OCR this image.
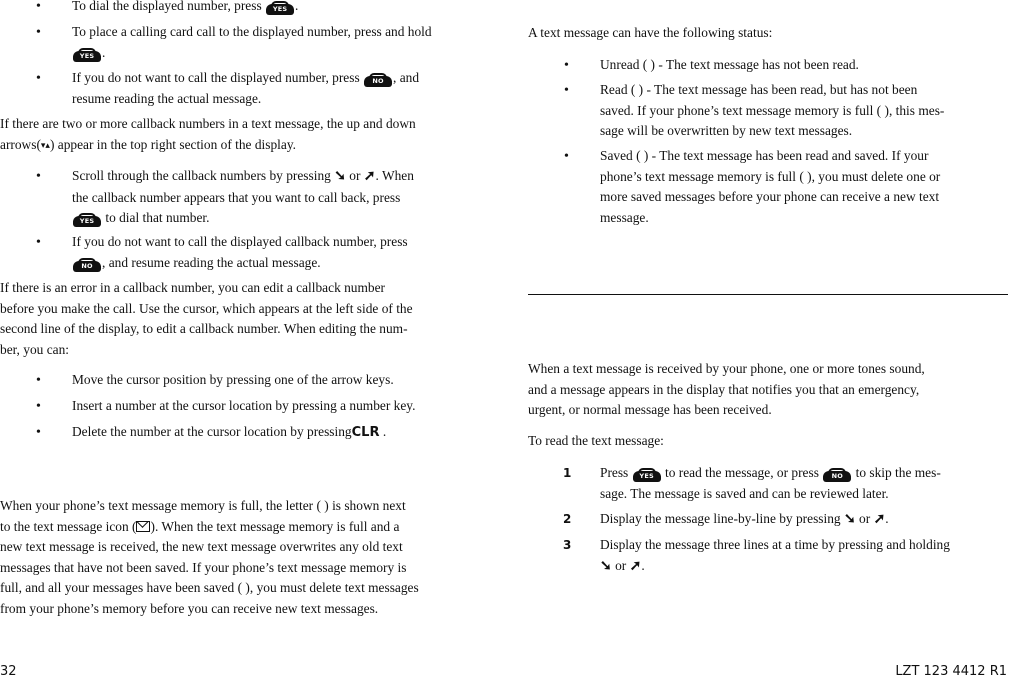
•
To dial the displayed number, press YES .
•
To place a calling card call to the displayed number, press and hold
YES .
•
If you do not want to call the displayed number, press NO , and
resume reading the actual message.
If there are two or more callback numbers in a text message, the up and down
arrows(▾▴) appear in the top right section of the display.
•
Scroll through the callback numbers by pressing ➘ or ➚. When
the callback number appears that you want to call back, press
YES to dial that number.
•
If you do not want to call the displayed callback number, press
NO , and resume reading the actual message.
If there is an error in a callback number, you can edit a callback number
before you make the call. Use the cursor, which appears at the left side of the
second line of the display, to edit a callback number. When editing the num-
ber, you can:
•
Move the cursor position by pressing one of the arrow keys.
•
Insert a number at the cursor location by pressing a number key.
•
Delete the number at the cursor location by pressingCLR .
When your phone’s text message memory is full, the letter ( ) is shown next
to the text message icon ( ). When the text message memory is full and a
new text message is received, the new text message overwrites any old text
messages that have not been saved. If your phone’s text message memory is
full, and all your messages have been saved ( ), you must delete text messages
from your phone’s memory before you can receive new text messages.
A text message can have the following status:
•
Unread ( ) - The text message has not been read.
•
Read ( ) - The text message has been read, but has not been
saved. If your phone’s text message memory is full ( ), this mes-
sage will be overwritten by new text messages.
•
Saved ( ) - The text message has been read and saved. If your
phone’s text message memory is full ( ), you must delete one or
more saved messages before your phone can receive a new text
message.
When a text message is received by your phone, one or more tones sound,
and a message appears in the display that notifies you that an emergency,
urgent, or normal message has been received.
To read the text message:
1 Press YES to read the message, or press NO to skip the mes-
sage. The message is saved and can be reviewed later.
2 Display the message line-by-line by pressing ➘ or ➚.
3 Display the message three lines at a time by pressing and holding
➘ or ➚.
32	LZT 123 4412 R1
